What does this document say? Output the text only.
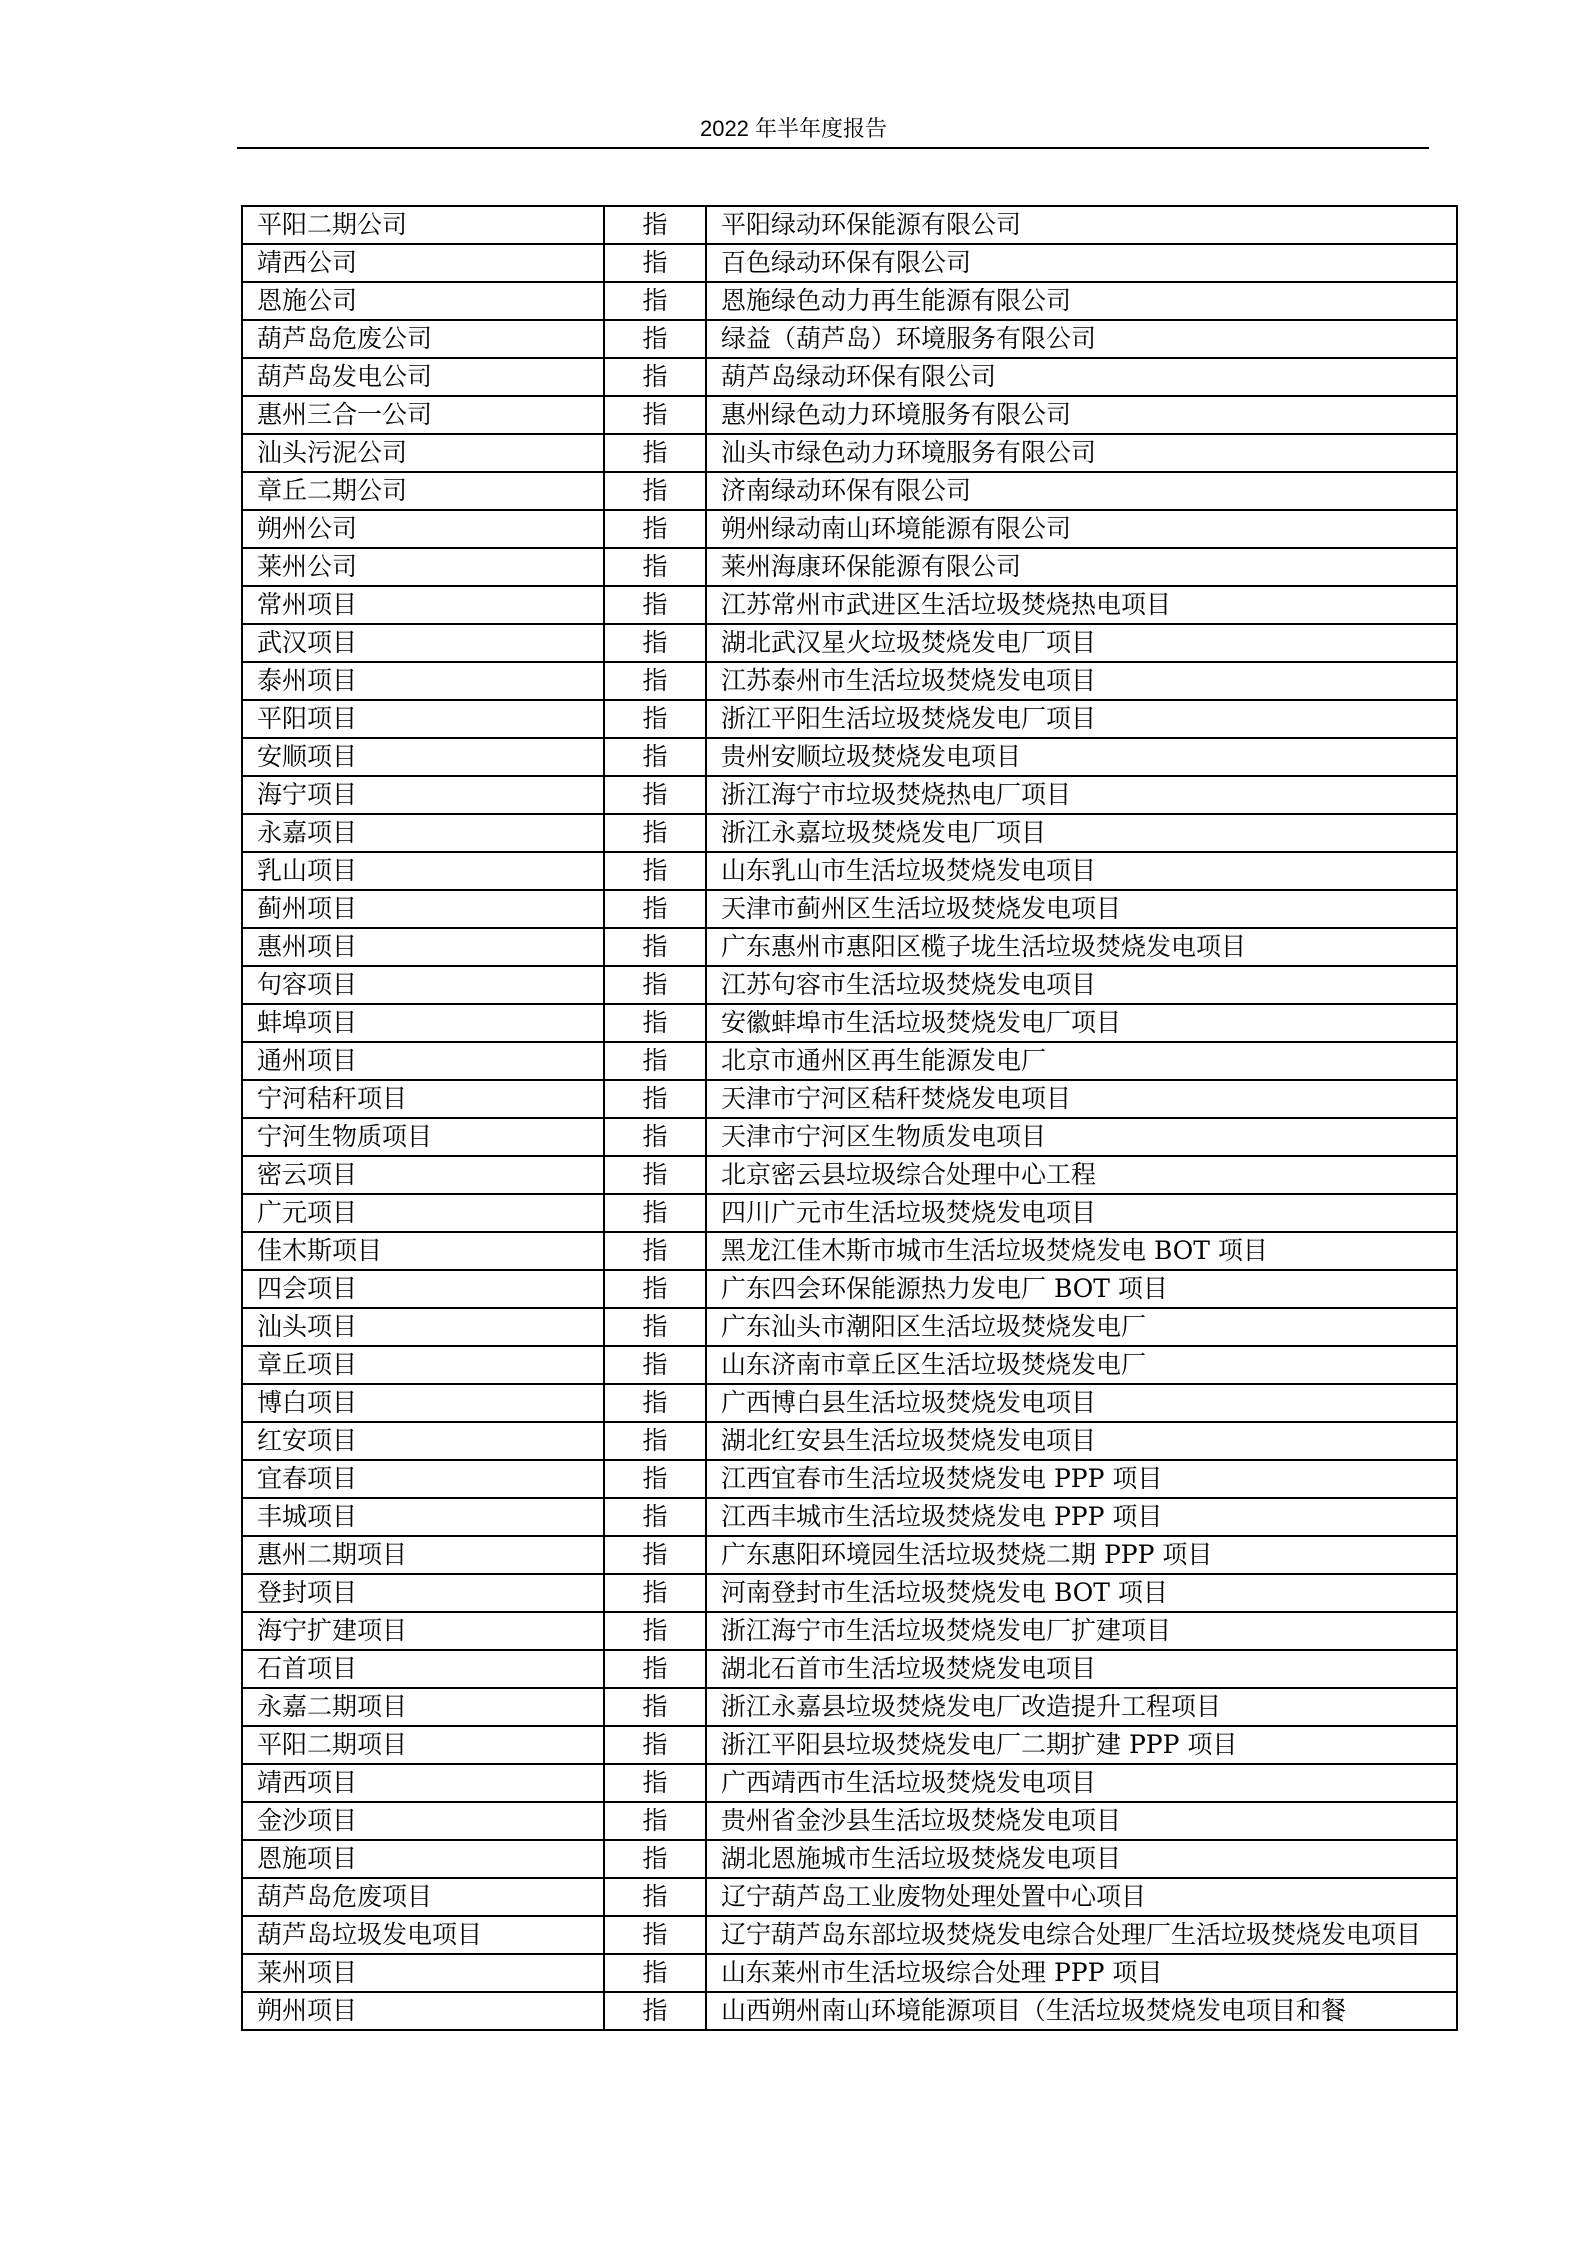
2022 年半年度报告
平阳二期公司	指	平阳绿动环保能源有限公司
靖西公司	指	百色绿动环保有限公司
恩施公司	指	恩施绿色动力再生能源有限公司
葫芦岛危废公司	指	绿益（葫芦岛）环境服务有限公司
葫芦岛发电公司	指	葫芦岛绿动环保有限公司
惠州三合一公司	指	惠州绿色动力环境服务有限公司
汕头污泥公司	指	汕头市绿色动力环境服务有限公司
章丘二期公司	指	济南绿动环保有限公司
朔州公司	指	朔州绿动南山环境能源有限公司
莱州公司	指	莱州海康环保能源有限公司
常州项目	指	江苏常州市武进区生活垃圾焚烧热电项目
武汉项目	指	湖北武汉星火垃圾焚烧发电厂项目
泰州项目	指	江苏泰州市生活垃圾焚烧发电项目
平阳项目	指	浙江平阳生活垃圾焚烧发电厂项目
安顺项目	指	贵州安顺垃圾焚烧发电项目
海宁项目	指	浙江海宁市垃圾焚烧热电厂项目
永嘉项目	指	浙江永嘉垃圾焚烧发电厂项目
乳山项目	指	山东乳山市生活垃圾焚烧发电项目
蓟州项目	指	天津市蓟州区生活垃圾焚烧发电项目
惠州项目	指	广东惠州市惠阳区榄子垅生活垃圾焚烧发电项目
句容项目	指	江苏句容市生活垃圾焚烧发电项目
蚌埠项目	指	安徽蚌埠市生活垃圾焚烧发电厂项目
通州项目	指	北京市通州区再生能源发电厂
宁河秸秆项目	指	天津市宁河区秸秆焚烧发电项目
宁河生物质项目	指	天津市宁河区生物质发电项目
密云项目	指	北京密云县垃圾综合处理中心工程
广元项目	指	四川广元市生活垃圾焚烧发电项目
佳木斯项目	指	黑龙江佳木斯市城市生活垃圾焚烧发电 BOT 项目
四会项目	指	广东四会环保能源热力发电厂 BOT 项目
汕头项目	指	广东汕头市潮阳区生活垃圾焚烧发电厂
章丘项目	指	山东济南市章丘区生活垃圾焚烧发电厂
博白项目	指	广西博白县生活垃圾焚烧发电项目
红安项目	指	湖北红安县生活垃圾焚烧发电项目
宜春项目	指	江西宜春市生活垃圾焚烧发电 PPP 项目
丰城项目	指	江西丰城市生活垃圾焚烧发电 PPP 项目
惠州二期项目	指	广东惠阳环境园生活垃圾焚烧二期 PPP 项目
登封项目	指	河南登封市生活垃圾焚烧发电 BOT 项目
海宁扩建项目	指	浙江海宁市生活垃圾焚烧发电厂扩建项目
石首项目	指	湖北石首市生活垃圾焚烧发电项目
永嘉二期项目	指	浙江永嘉县垃圾焚烧发电厂改造提升工程项目
平阳二期项目	指	浙江平阳县垃圾焚烧发电厂二期扩建 PPP 项目
靖西项目	指	广西靖西市生活垃圾焚烧发电项目
金沙项目	指	贵州省金沙县生活垃圾焚烧发电项目
恩施项目	指	湖北恩施城市生活垃圾焚烧发电项目
葫芦岛危废项目	指	辽宁葫芦岛工业废物处理处置中心项目
葫芦岛垃圾发电项目	指	辽宁葫芦岛东部垃圾焚烧发电综合处理厂生活垃圾焚烧发电项目
莱州项目	指	山东莱州市生活垃圾综合处理 PPP 项目
朔州项目	指	山西朔州南山环境能源项目（生活垃圾焚烧发电项目和餐
